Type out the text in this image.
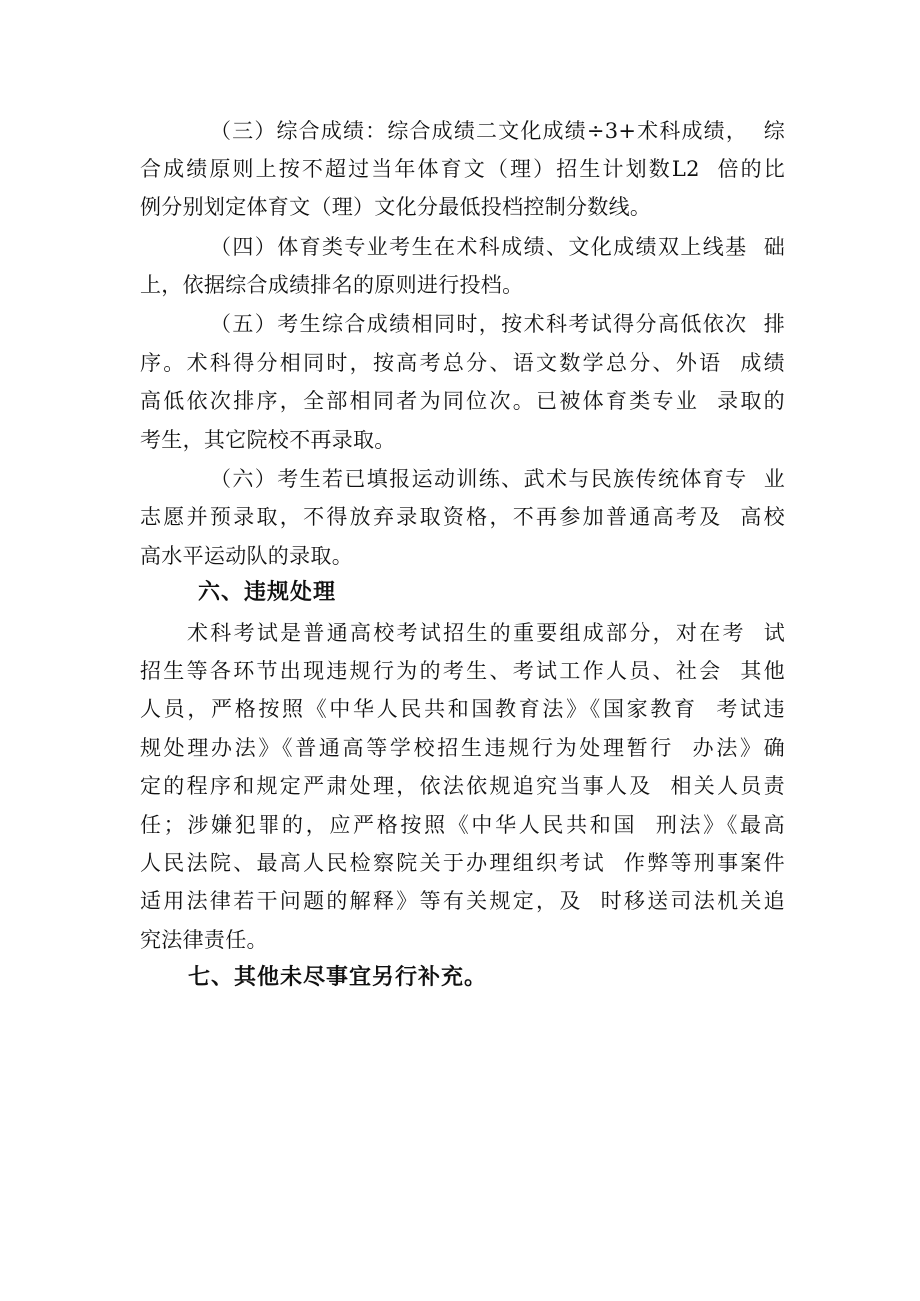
（三）综合成绩：综合成绩二文化成绩÷3+术科成绩，  综
合成绩原则上按不超过当年体育文（理）招生计划数L2  倍的比
例分别划定体育文（理）文化分最低投档控制分数线。
（四）体育类专业考生在术科成绩、文化成绩双上线基  础
上，依据综合成绩排名的原则进行投档。
（五）考生综合成绩相同时，按术科考试得分高低依次  排
序。术科得分相同时，按高考总分、语文数学总分、外语  成绩
高低依次排序，全部相同者为同位次。已被体育类专业  录取的
考生，其它院校不再录取。
（六）考生若已填报运动训练、武术与民族传统体育专  业
志愿并预录取，不得放弃录取资格，不再参加普通高考及  高校
高水平运动队的录取。
六、违规处理
术科考试是普通高校考试招生的重要组成部分，对在考  试
招生等各环节出现违规行为的考生、考试工作人员、社会  其他
人员，严格按照《中华人民共和国教育法》《国家教育  考试违
规处理办法》《普通高等学校招生违规行为处理暂行  办法》确
定的程序和规定严肃处理，依法依规追究当事人及  相关人员责
任；涉嫌犯罪的，应严格按照《中华人民共和国  刑法》《最高
人民法院、最高人民检察院关于办理组织考试  作弊等刑事案件
适用法律若干问题的解释》等有关规定，及  时移送司法机关追
究法律责任。
七、其他未尽事宜另行补充。
